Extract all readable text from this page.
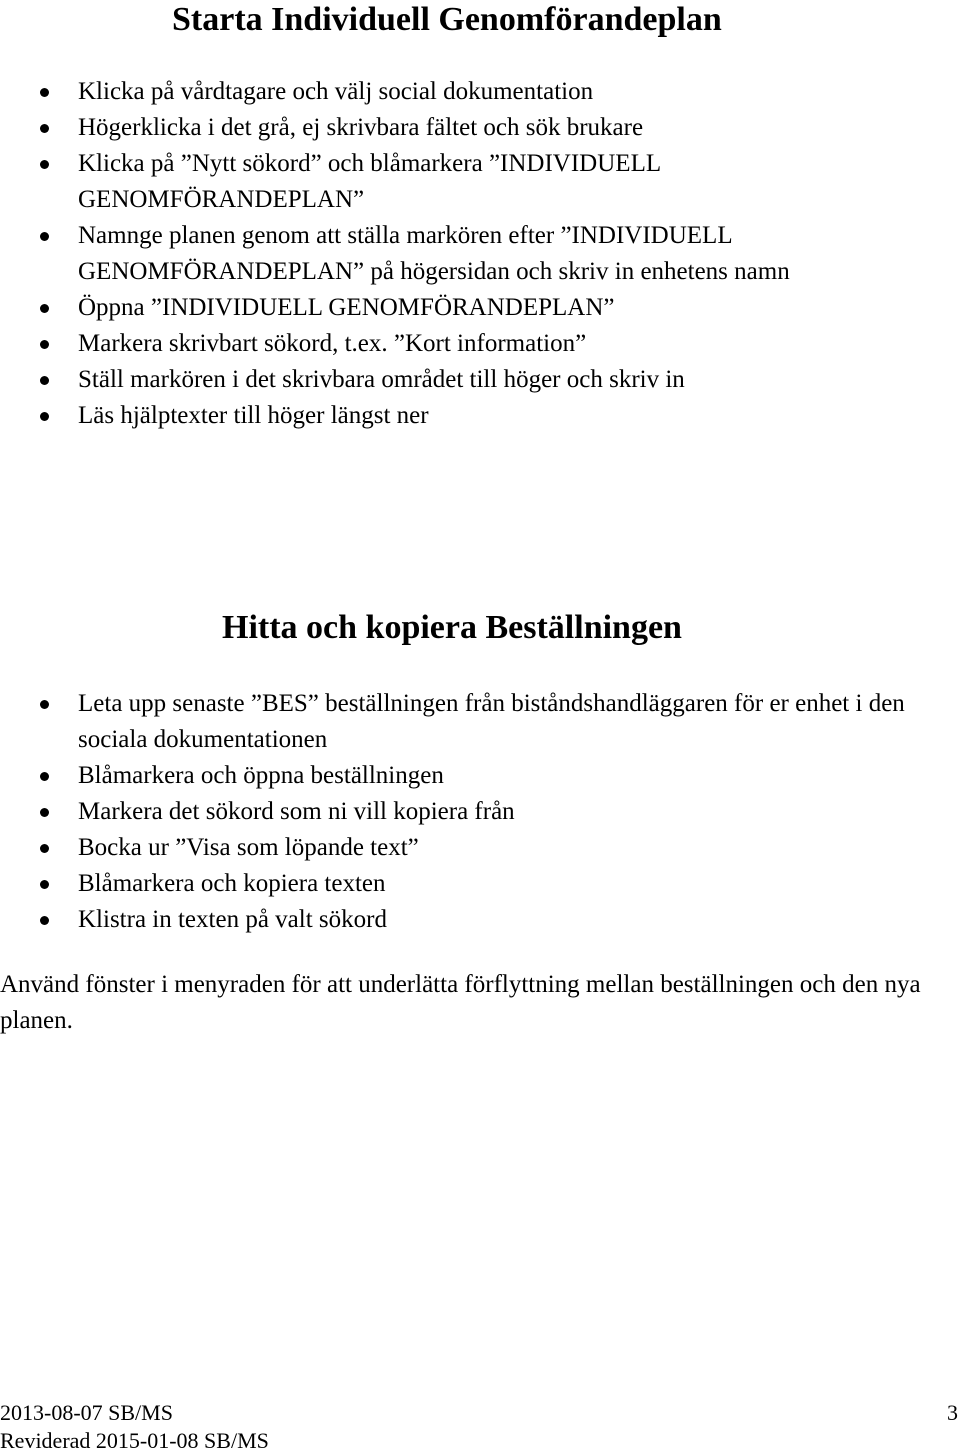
Starta Individuell Genomförandeplan
Klicka på vårdtagare och välj social dokumentation
Högerklicka i det grå, ej skrivbara fältet och sök brukare
Klicka på ”Nytt sökord” och blåmarkera ”INDIVIDUELL GENOMFÖRANDEPLAN”
Namnge planen genom att ställa markören efter ”INDIVIDUELL GENOMFÖRANDEPLAN” på högersidan och skriv in enhetens namn
Öppna ”INDIVIDUELL GENOMFÖRANDEPLAN”
Markera skrivbart sökord, t.ex. ”Kort information”
Ställ markören i det skrivbara området till höger och skriv in
Läs hjälptexter till höger längst ner
Hitta och kopiera Beställningen
Leta upp senaste ”BES” beställningen från biståndshandläggaren för er enhet i den sociala dokumentationen
Blåmarkera och öppna beställningen
Markera det sökord som ni vill kopiera från
Bocka ur ”Visa som löpande text”
Blåmarkera och kopiera texten
Klistra in texten på valt sökord

Använd fönster i menyraden för att underlätta förflyttning mellan beställningen och den nya planen.

2013-08-07 SB/MS

Reviderad 2015-01-08 SB/MS

3
